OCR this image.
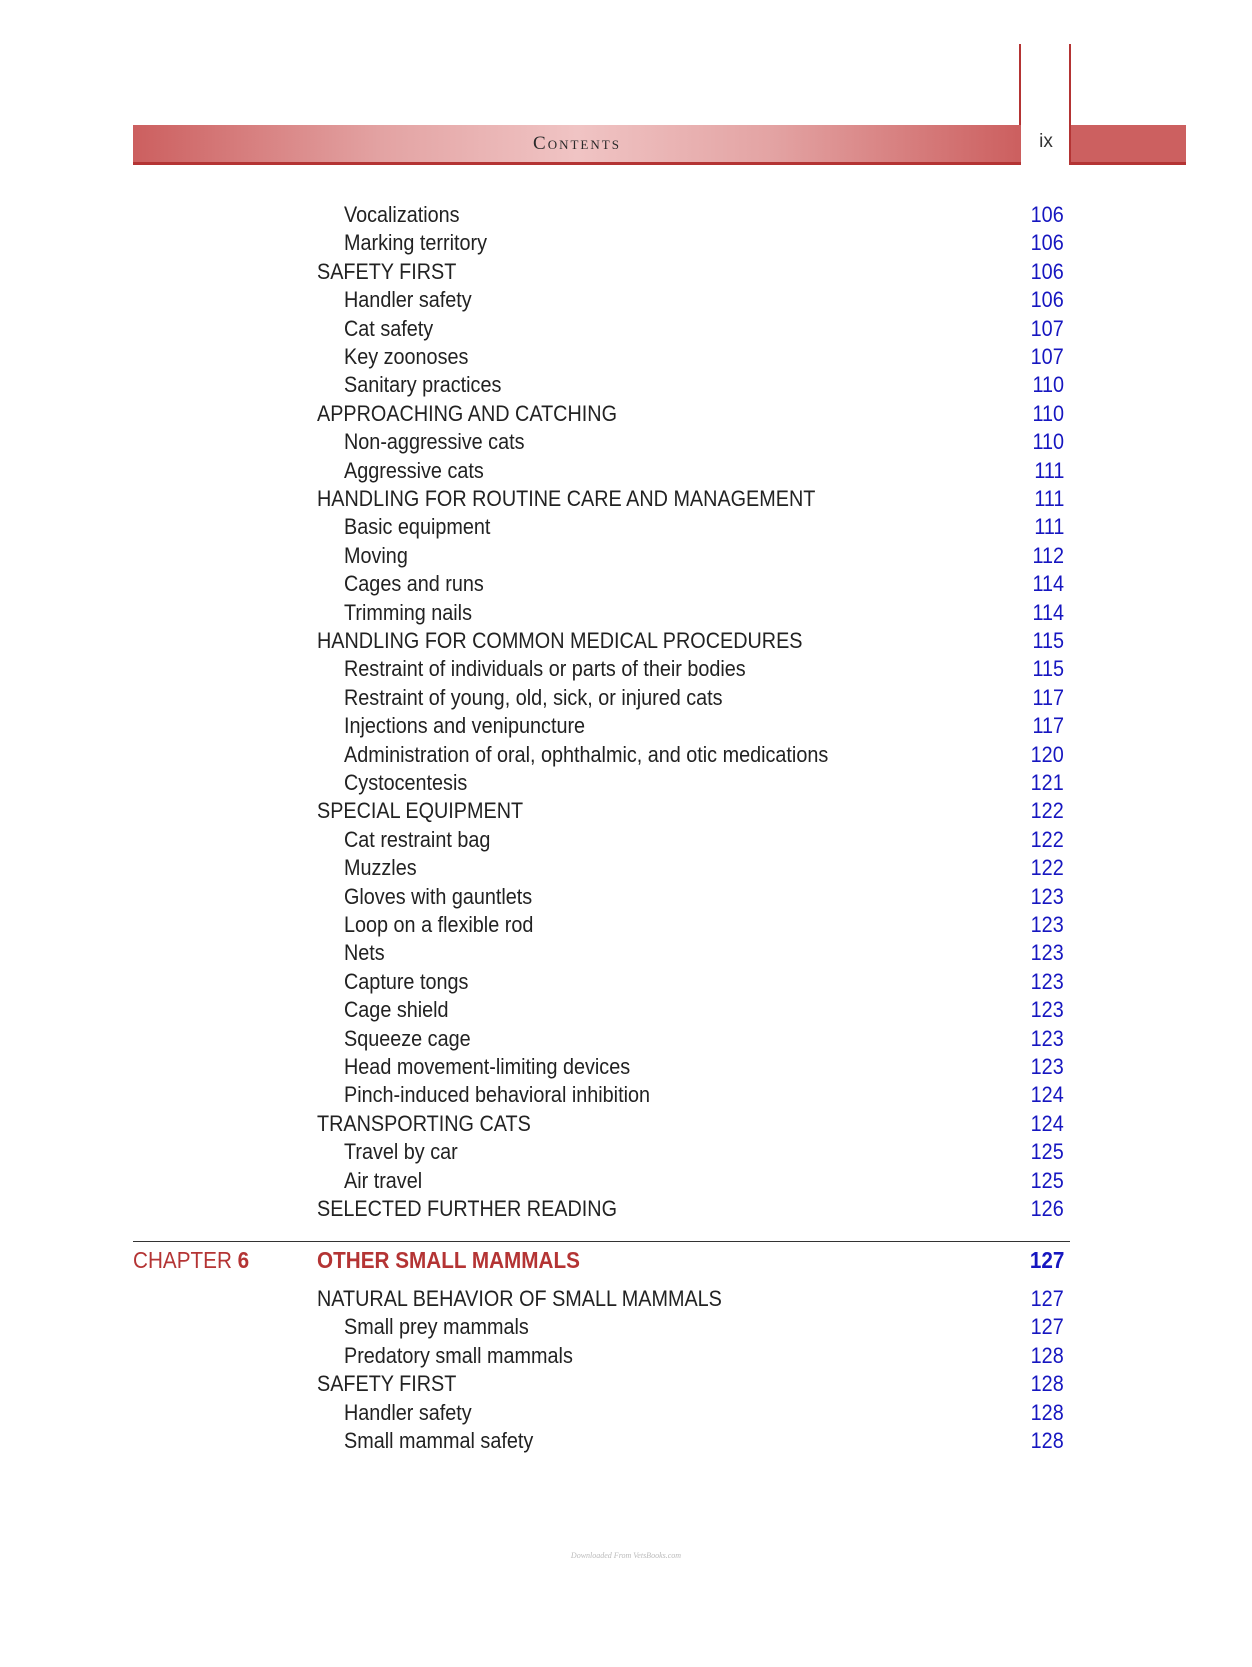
Contents	ix
Vocalizations	106
Marking territory	106
SAFETY FIRST	106
Handler safety	106
Cat safety	107
Key zoonoses	107
Sanitary practices	110
APPROACHING AND CATCHING	110
Non-aggressive cats	110
Aggressive cats	111
HANDLING FOR ROUTINE CARE AND MANAGEMENT	111
Basic equipment	111
Moving	112
Cages and runs	114
Trimming nails	114
HANDLING FOR COMMON MEDICAL PROCEDURES	115
Restraint of individuals or parts of their bodies	115
Restraint of young, old, sick, or injured cats	117
Injections and venipuncture	117
Administration of oral, ophthalmic, and otic medications	120
Cystocentesis	121
SPECIAL EQUIPMENT	122
Cat restraint bag	122
Muzzles	122
Gloves with gauntlets	123
Loop on a flexible rod	123
Nets	123
Capture tongs	123
Cage shield	123
Squeeze cage	123
Head movement-limiting devices	123
Pinch-induced behavioral inhibition	124
TRANSPORTING CATS	124
Travel by car	125
Air travel	125
SELECTED FURTHER READING	126
CHAPTER 6	OTHER SMALL MAMMALS	127
NATURAL BEHAVIOR OF SMALL MAMMALS	127
Small prey mammals	127
Predatory small mammals	128
SAFETY FIRST	128
Handler safety	128
Small mammal safety	128
Downloaded From VetsBooks.com
